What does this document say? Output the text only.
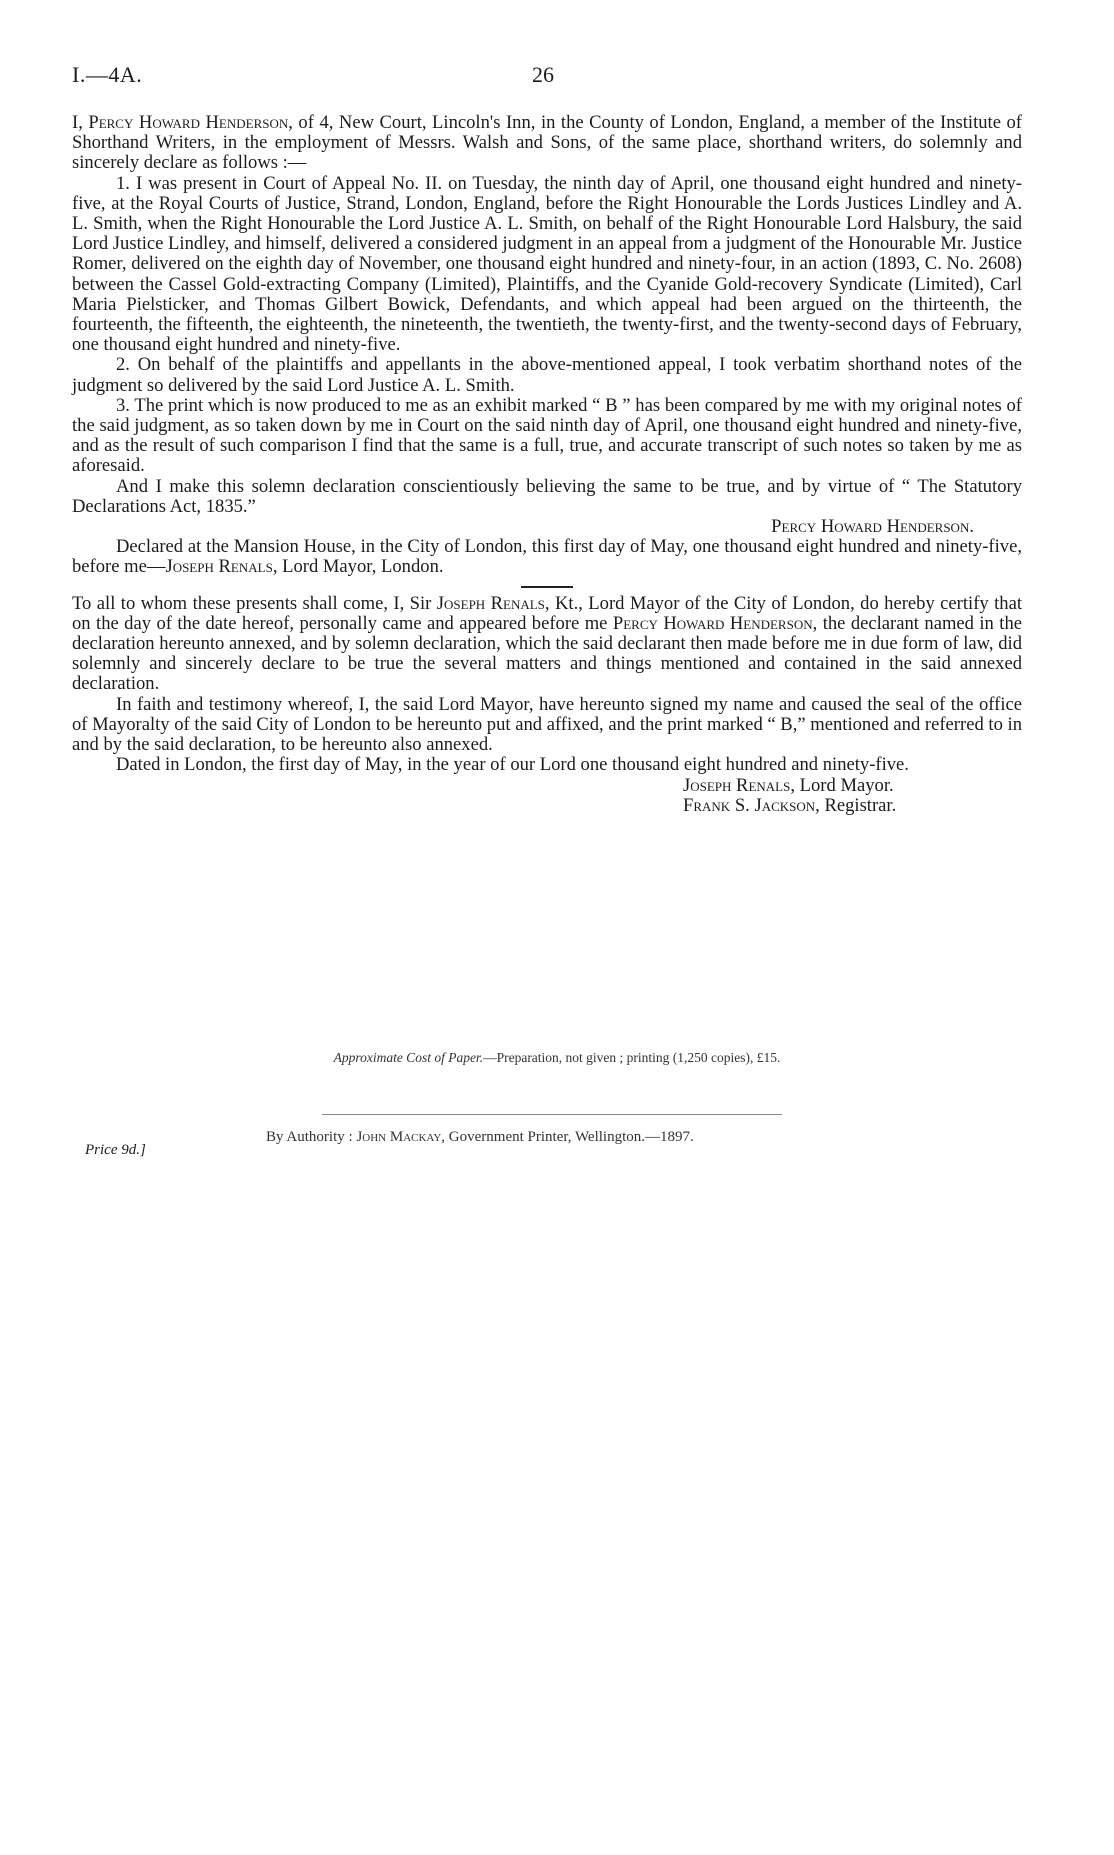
I.—4A.	26

I, Percy Howard Henderson, of 4, New Court, Lincoln's Inn, in the County of London, England, a member of the Institute of Shorthand Writers, in the employment of Messrs. Walsh and Sons, of the same place, shorthand writers, do solemnly and sincerely declare as follows :—

1. I was present in Court of Appeal No. II. on Tuesday, the ninth day of April, one thousand eight hundred and ninety-five, at the Royal Courts of Justice, Strand, London, England, before the Right Honourable the Lords Justices Lindley and A. L. Smith, when the Right Honourable the Lord Justice A. L. Smith, on behalf of the Right Honourable Lord Halsbury, the said Lord Justice Lindley, and himself, delivered a considered judgment in an appeal from a judgment of the Honourable Mr. Justice Romer, delivered on the eighth day of November, one thousand eight hundred and ninety-four, in an action (1893, C. No. 2608) between the Cassel Gold-extracting Company (Limited), Plaintiffs, and the Cyanide Gold-recovery Syndicate (Limited), Carl Maria Pielsticker, and Thomas Gilbert Bowick, Defendants, and which appeal had been argued on the thirteenth, the fourteenth, the fifteenth, the eighteenth, the nineteenth, the twentieth, the twenty-first, and the twenty-second days of February, one thousand eight hundred and ninety-five.

2. On behalf of the plaintiffs and appellants in the above-mentioned appeal, I took verbatim shorthand notes of the judgment so delivered by the said Lord Justice A. L. Smith.

3. The print which is now produced to me as an exhibit marked “ B ” has been compared by me with my original notes of the said judgment, as so taken down by me in Court on the said ninth day of April, one thousand eight hundred and ninety-five, and as the result of such comparison I find that the same is a full, true, and accurate transcript of such notes so taken by me as aforesaid.

And I make this solemn declaration conscientiously believing the same to be true, and by virtue of “ The Statutory Declarations Act, 1835.”

Percy Howard Henderson.

Declared at the Mansion House, in the City of London, this first day of May, one thousand eight hundred and ninety-five, before me—Joseph Renals, Lord Mayor, London.

To all to whom these presents shall come, I, Sir Joseph Renals, Kt., Lord Mayor of the City of London, do hereby certify that on the day of the date hereof, personally came and appeared before me Percy Howard Henderson, the declarant named in the declaration hereunto annexed, and by solemn declaration, which the said declarant then made before me in due form of law, did solemnly and sincerely declare to be true the several matters and things mentioned and contained in the said annexed declaration.

In faith and testimony whereof, I, the said Lord Mayor, have hereunto signed my name and caused the seal of the office of Mayoralty of the said City of London to be hereunto put and affixed, and the print marked “ B,” mentioned and referred to in and by the said declaration, to be hereunto also annexed.

Dated in London, the first day of May, in the year of our Lord one thousand eight hundred and ninety-five.

Joseph Renals, Lord Mayor.

Frank S. Jackson, Registrar.

Approximate Cost of Paper.—Preparation, not given ; printing (1,250 copies), £15.
Price 9d.]
By Authority : John Mackay, Government Printer, Wellington.—1897.
